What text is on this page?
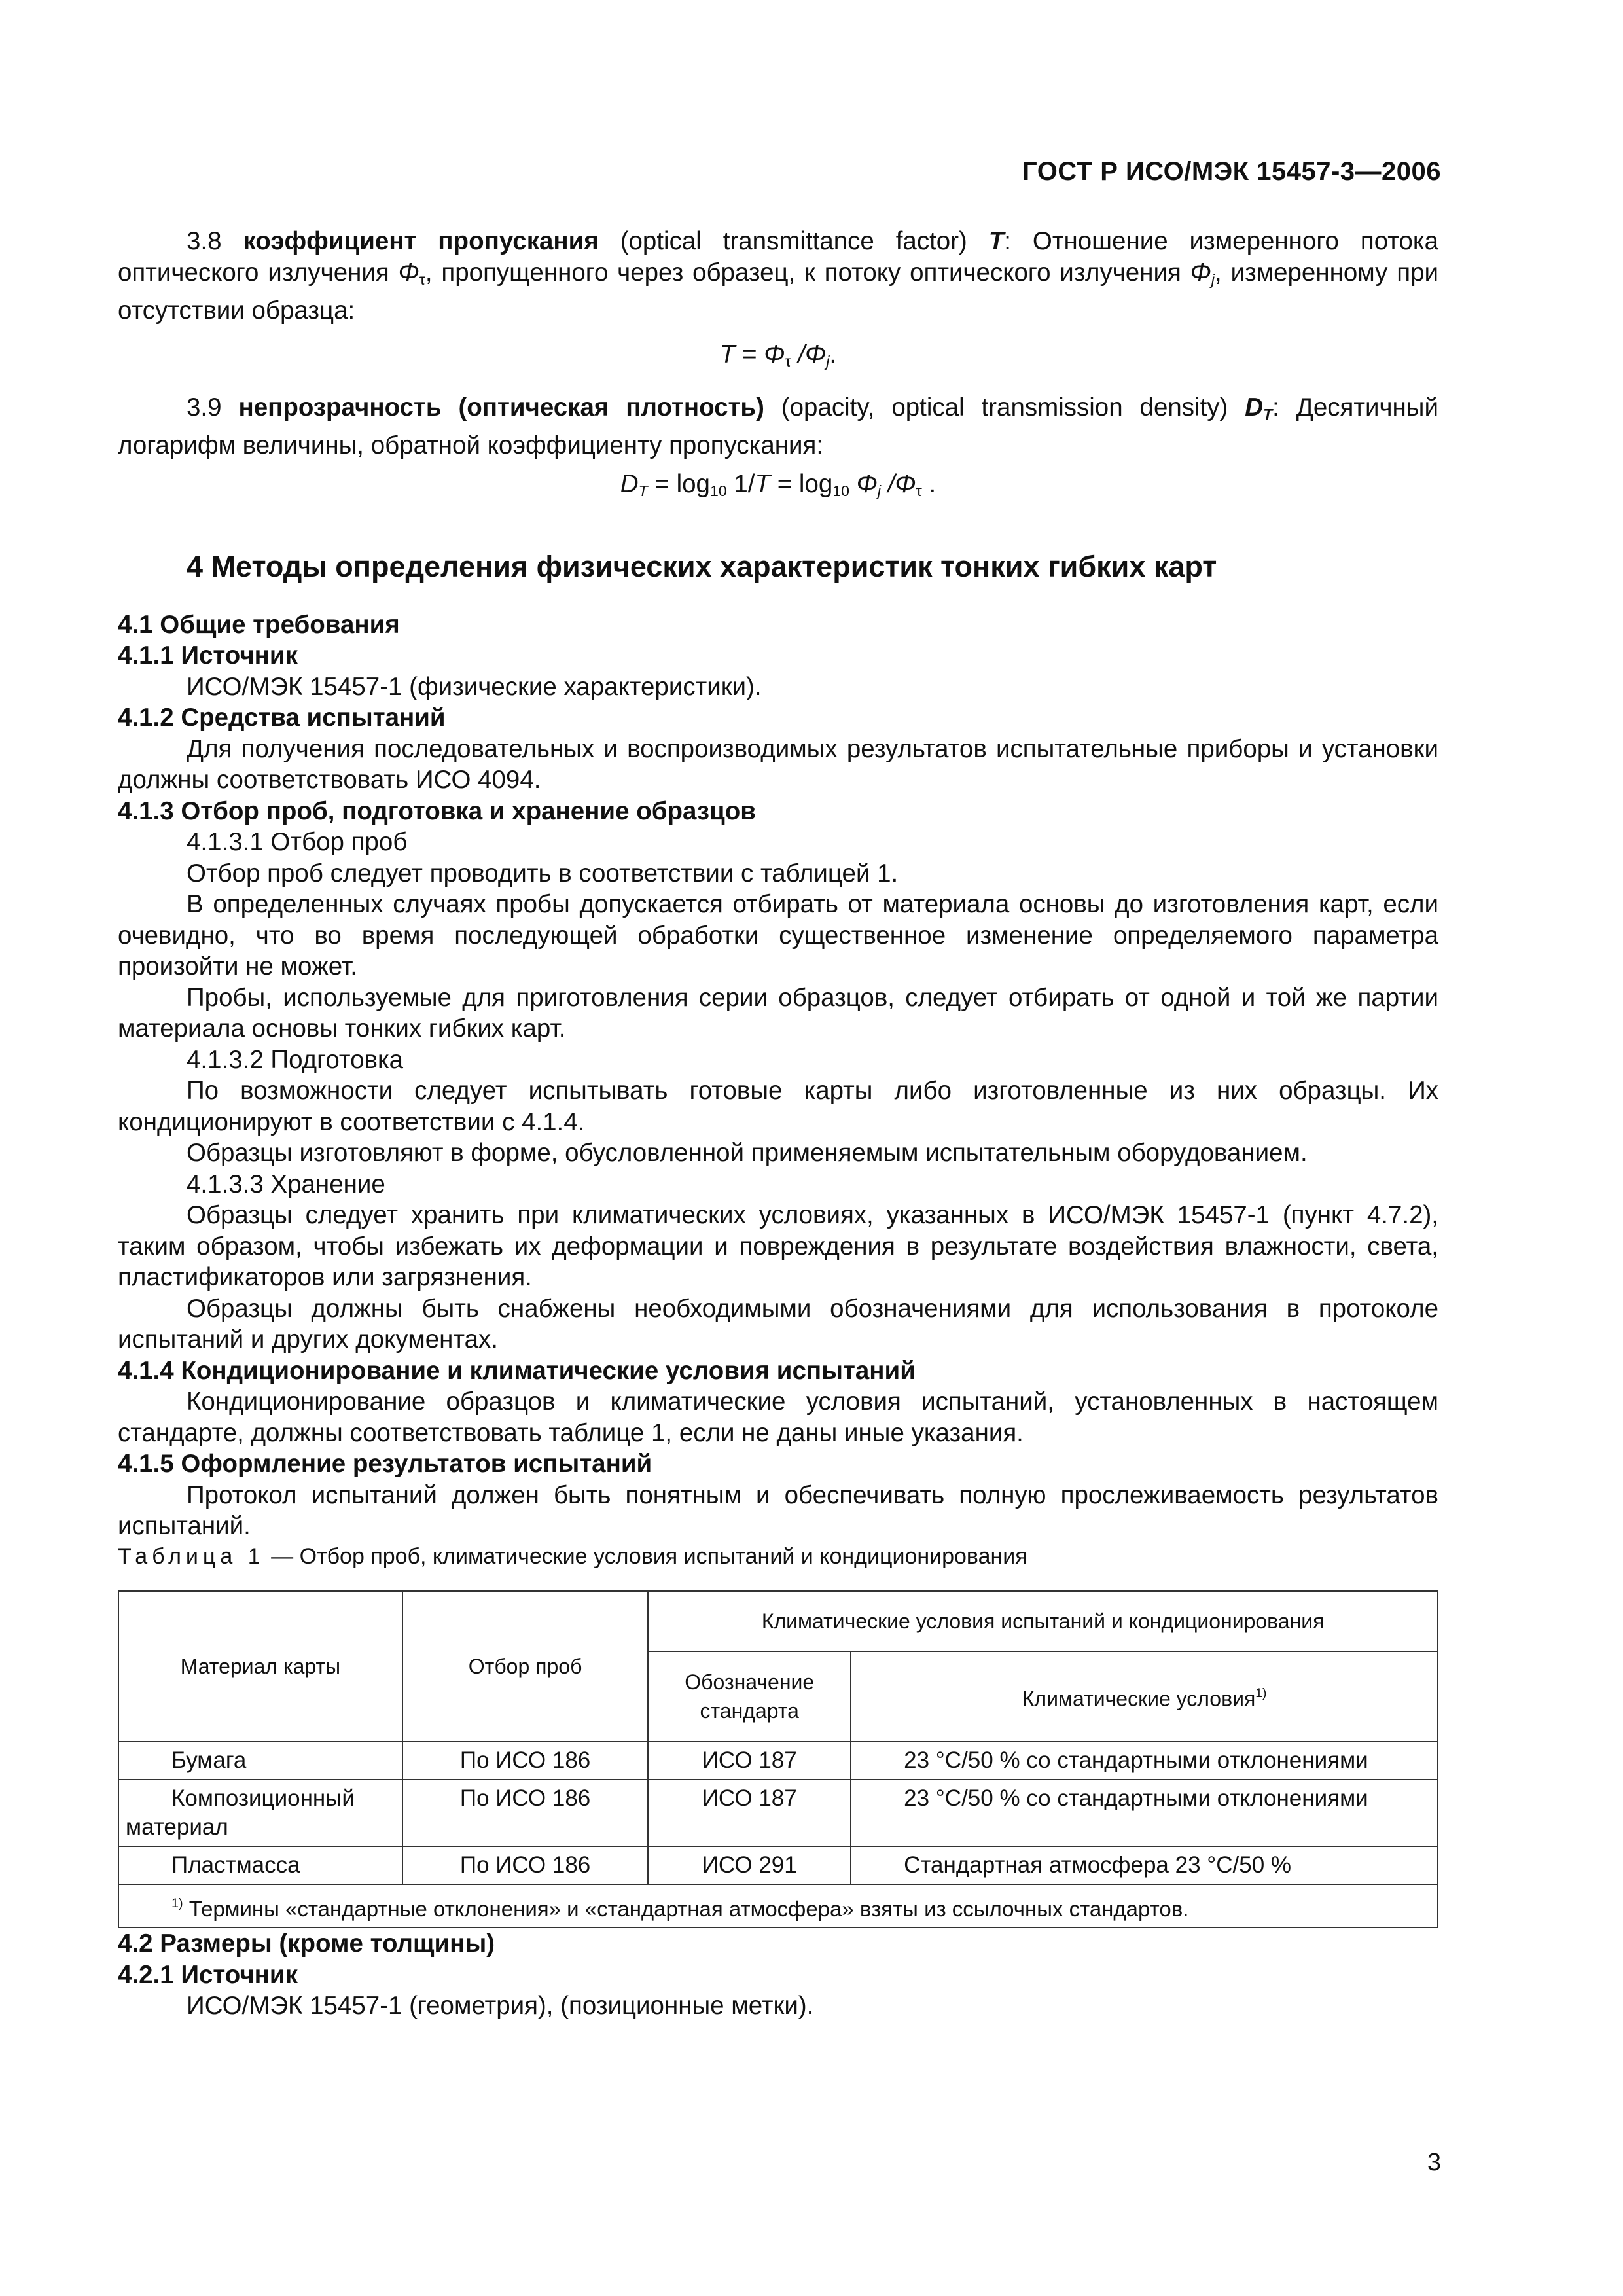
ГОСТ Р ИСО/МЭК 15457-3—2006

3.8 коэффициент пропускания (optical transmittance factor) T: Отношение измеренного потока оптического излучения $\Phi_\tau$, пропущенного через образец, к потоку оптического излучения $\Phi_j$, измеренному при отсутствии образца:

$T = \Phi_\tau$ $/\Phi_j$.

3.9 непрозрачность (оптическая плотность) (opacity, optical transmission density) $D_T$: Десятичный логарифм величины, обратной коэффициенту пропускания:

$D_T = \log_{10} 1/T = \log_{10} \Phi_j$ $/\Phi_\tau$ .

4 Методы определения физических характеристик тонких гибких карт

4.1 Общие требования

4.1.1 Источник

ИСО/МЭК 15457-1 (физические характеристики).

4.1.2 Средства испытаний

Для получения последовательных и воспроизводимых результатов испытательные приборы и установки должны соответствовать ИСО 4094.

4.1.3 Отбор проб, подготовка и хранение образцов

4.1.3.1 Отбор проб

Отбор проб следует проводить в соответствии с таблицей 1.

В определенных случаях пробы допускается отбирать от материала основы до изготовления карт, если очевидно, что во время последующей обработки существенное изменение определяемого параметра произойти не может.

Пробы, используемые для приготовления серии образцов, следует отбирать от одной и той же партии материала основы тонких гибких карт.

4.1.3.2 Подготовка

По возможности следует испытывать готовые карты либо изготовленные из них образцы. Их кондиционируют в соответствии с 4.1.4.

Образцы изготовляют в форме, обусловленной применяемым испытательным оборудованием.

4.1.3.3 Хранение

Образцы следует хранить при климатических условиях, указанных в ИСО/МЭК 15457-1 (пункт 4.7.2), таким образом, чтобы избежать их деформации и повреждения в результате воздействия влажности, света, пластификаторов или загрязнения.

Образцы должны быть снабжены необходимыми обозначениями для использования в протоколе испытаний и других документах.

4.1.4 Кондиционирование и климатические условия испытаний

Кондиционирование образцов и климатические условия испытаний, установленных в настоящем стандарте, должны соответствовать таблице 1, если не даны иные указания.

4.1.5 Оформление результатов испытаний

Протокол испытаний должен быть понятным и обеспечивать полную прослеживаемость результатов испытаний.

Таблица 1 — Отбор проб, климатические условия испытаний и кондиционирования

Материал карты	Отбор проб	Климатические условия испытаний и кондиционирования	
		Обозначение стандарта	Климатические условия$^{1)}$
Бумага	По ИСО 186	ИСО 187	23 °С/50 % со стандартными отклонениями
Композиционный материал	По ИСО 186	ИСО 187	23 °С/50 % со стандартными отклонениями
Пластмасса	По ИСО 186	ИСО 291	Стандартная атмосфера 23 °С/50 %
$^{1)}$ Термины «стандартные отклонения» и «стандартная атмосфера» взяты из ссылочных стандартов.			

4.2 Размеры (кроме толщины)

4.2.1 Источник

ИСО/МЭК 15457-1 (геометрия), (позиционные метки).

3
